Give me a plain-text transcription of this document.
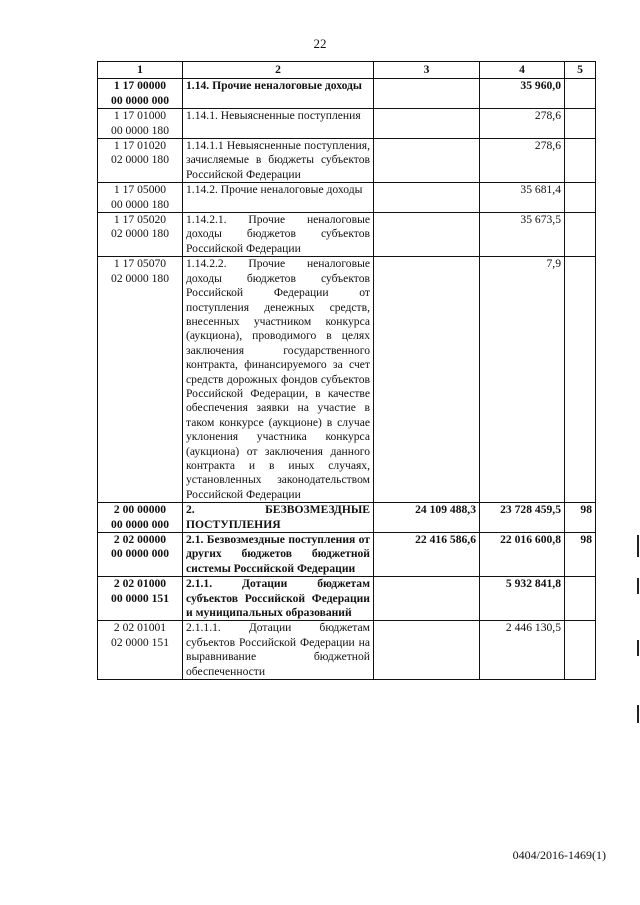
22
1	2	3	4	5
1 17 00000
00 0000 000	1.14. Прочие неналоговые доходы		35 960,0	
1 17 01000
00 0000 180	1.14.1. Невыясненные поступления		278,6	
1 17 01020
02 0000 180	1.14.1.1 Невыясненные поступления, зачисляемые в бюджеты субъектов Российской Федерации		278,6	
1 17 05000
00 0000 180	1.14.2. Прочие неналоговые доходы		35 681,4	
1 17 05020
02 0000 180	1.14.2.1. Прочие неналоговые доходы бюджетов субъектов Российской Федерации		35 673,5	
1 17 05070
02 0000 180	1.14.2.2. Прочие неналоговые доходы бюджетов субъектов Российской Федерации от поступления денежных средств, внесенных участником конкурса (аукциона), проводимого в целях заключения государственного контракта, финансируемого за счет средств дорожных фондов субъектов Российской Федерации, в качестве обеспечения заявки на участие в таком конкурсе (аукционе) в случае уклонения участника конкурса (аукциона) от заключения данного контракта и в иных случаях, установленных законодательством Российской Федерации		7,9	
2 00 00000
00 0000 000	2. БЕЗВОЗМЕЗДНЫЕ ПОСТУПЛЕНИЯ	24 109 488,3	23 728 459,5	98
2 02 00000
00 0000 000	2.1. Безвозмездные поступления от других бюджетов бюджетной системы Российской Федерации	22 416 586,6	22 016 600,8	98
2 02 01000
00 0000 151	2.1.1. Дотации бюджетам субъектов Российской Федерации и муниципальных образований		5 932 841,8	
2 02 01001
02 0000 151	2.1.1.1. Дотации бюджетам субъектов Российской Федерации на выравнивание бюджетной обеспеченности		2 446 130,5	
0404/2016-1469(1)
